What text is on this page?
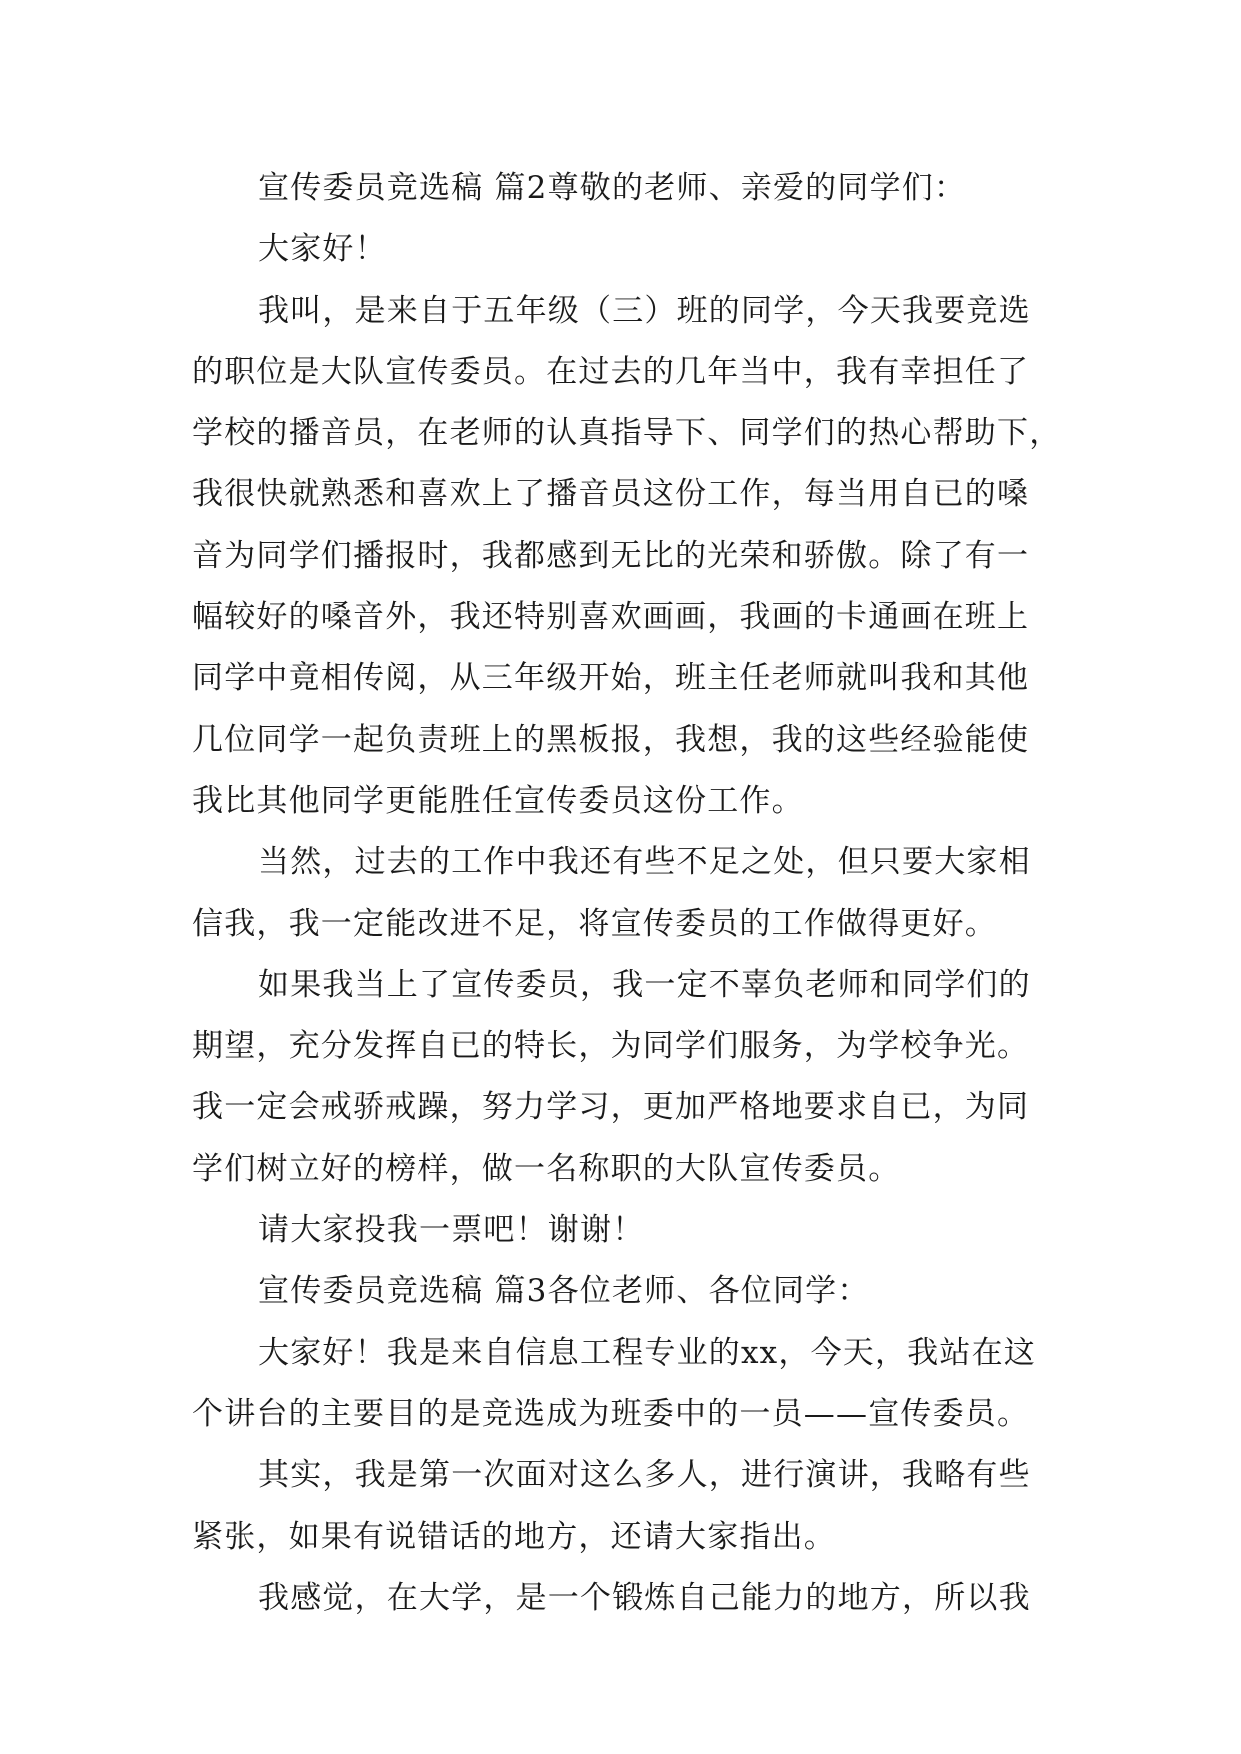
宣传委员竞选稿 篇2尊敬的老师、亲爱的同学们：
大家好！
我叫，是来自于五年级（三）班的同学，今天我要竞选
的职位是大队宣传委员。在过去的几年当中，我有幸担任了
学校的播音员，在老师的认真指导下、同学们的热心帮助下，
我很快就熟悉和喜欢上了播音员这份工作，每当用自已的嗓
音为同学们播报时，我都感到无比的光荣和骄傲。除了有一
幅较好的嗓音外，我还特别喜欢画画，我画的卡通画在班上
同学中竟相传阅，从三年级开始，班主任老师就叫我和其他
几位同学一起负责班上的黑板报，我想，我的这些经验能使
我比其他同学更能胜任宣传委员这份工作。
当然，过去的工作中我还有些不足之处，但只要大家相
信我，我一定能改进不足，将宣传委员的工作做得更好。
如果我当上了宣传委员，我一定不辜负老师和同学们的
期望，充分发挥自已的特长，为同学们服务，为学校争光。
我一定会戒骄戒躁，努力学习，更加严格地要求自已，为同
学们树立好的榜样，做一名称职的大队宣传委员。
请大家投我一票吧！谢谢！
宣传委员竞选稿 篇3各位老师、各位同学：
大家好！我是来自信息工程专业的xx，今天，我站在这
个讲台的主要目的是竞选成为班委中的一员——宣传委员。
其实，我是第一次面对这么多人，进行演讲，我略有些
紧张，如果有说错话的地方，还请大家指出。
我感觉，在大学，是一个锻炼自己能力的地方，所以我
